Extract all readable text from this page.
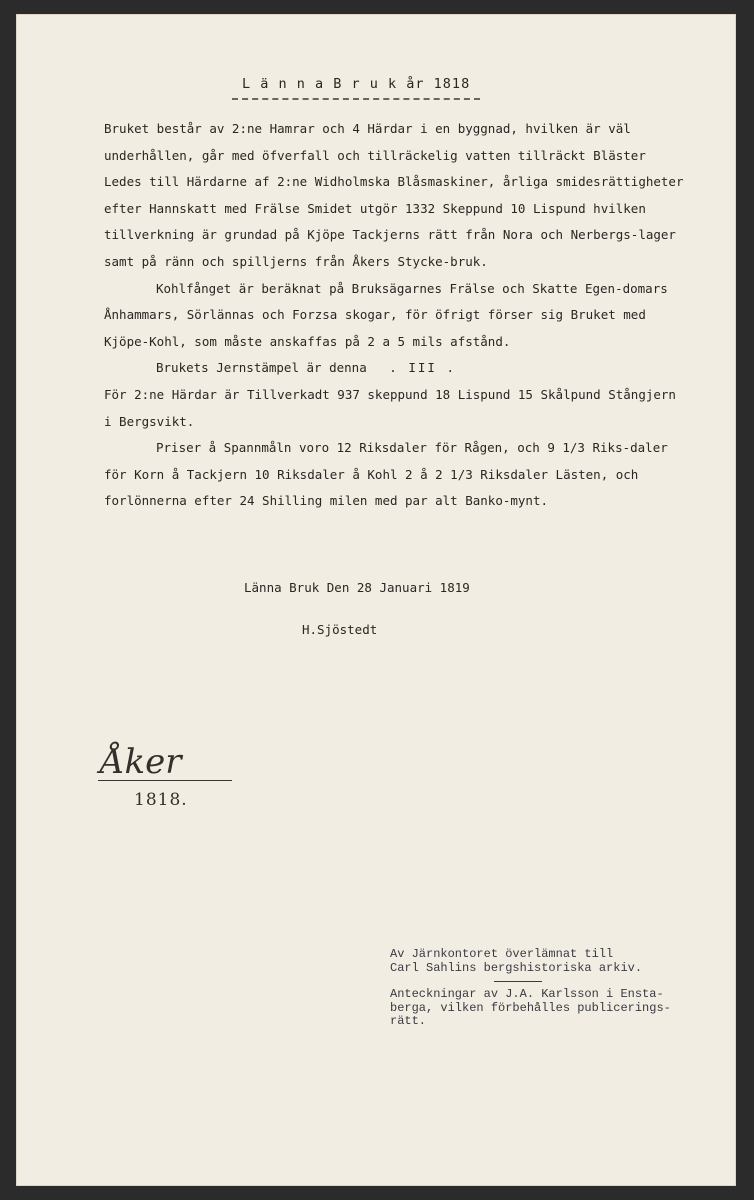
L ä n n a B r u k år 1818

Bruket består av 2:ne Hamrar och 4 Härdar i en byggnad, hvilken är väl underhållen, går med öfverfall och tillräckelig vatten tillräckt Bläster Ledes till Härdarne af 2:ne Widholmska Blåsmaskiner, årliga smidesrättigheter efter Hannskatt med Frälse Smidet utgör 1332 Skeppund 10 Lispund hvilken tillverkning är grundad på Kjöpe Tackjerns rätt från Nora och Nerbergs-lager samt på ränn och spilljerns från Åkers Stycke-bruk.

Kohlfånget är beräknat på Bruksägarnes Frälse och Skatte Egen-domars Ånhammars, Sörlännas och Forzsa skogar, för öfrigt förser sig Bruket med Kjöpe-Kohl, som måste anskaffas på 2 a 5 mils afstånd.

Brukets Jernstämpel är denna . III .

För 2:ne Härdar är Tillverkadt 937 skeppund 18 Lispund 15 Skålpund Stångjern i Bergsvikt.

Priser å Spannmåln voro 12 Riksdaler för Rågen, och 9 1/3 Riks-daler för Korn å Tackjern 10 Riksdaler å Kohl 2 å 2 1/3 Riksdaler Lästen, och forlönnerna efter 24 Shilling milen med par alt Banko-mynt.

Länna Bruk Den 28 Januari 1819
H.Sjöstedt
Åker
1818.

Av Järnkontoret överlämnat till

Carl Sahlins bergshistoriska arkiv.

Anteckningar av J.A. Karlsson i Ensta-

berga, vilken förbehålles publicerings-

rätt.
